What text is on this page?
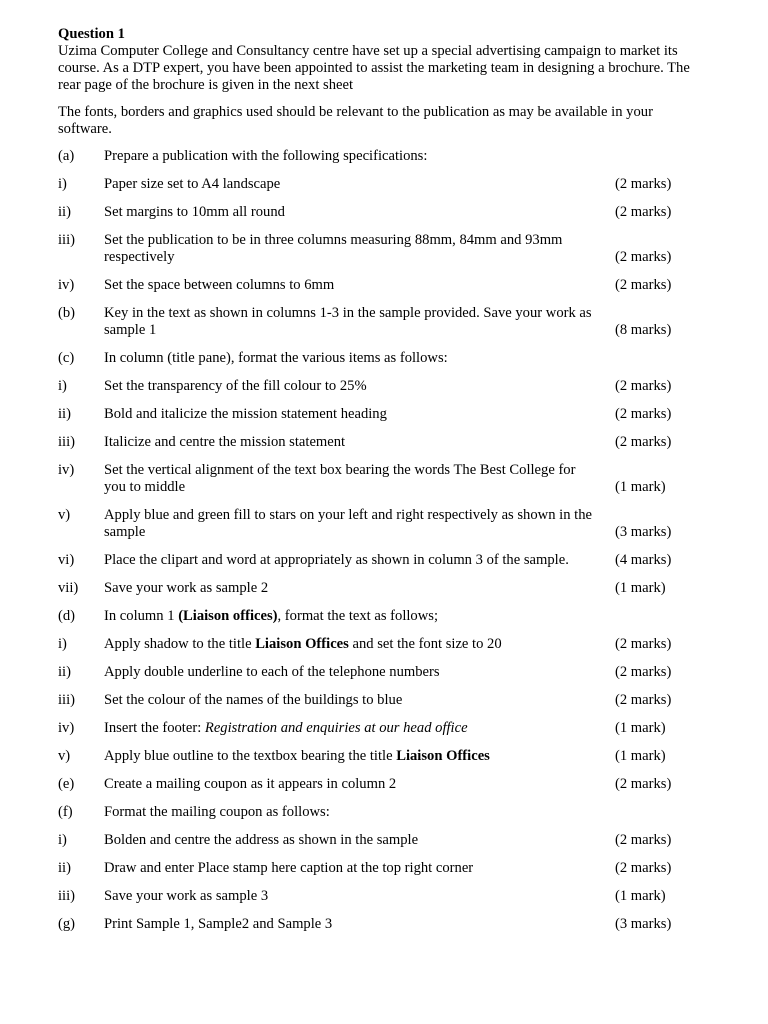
Question 1

Uzima Computer College and Consultancy centre have set up a special advertising campaign to market its course. As a DTP expert, you have been appointed to assist the marketing team in designing a brochure. The rear page of the brochure is given in the next sheet

The fonts, borders and graphics used should be relevant to the publication as may be available in your software.

(a)	Prepare a publication with the following specifications:
i)	Paper size set to A4 landscape	(2 marks)
ii)	Set margins to 10mm all round	(2 marks)
iii)	Set the publication to be in three columns measuring 88mm, 84mm and 93mm respectively	(2 marks)
iv)	Set the space between columns to 6mm	(2 marks)
(b)	Key in the text as shown in columns 1-3 in the sample provided. Save your work as sample 1	(8 marks)
(c)	In column (title pane), format the various items as follows:
i)	Set the transparency of the fill colour to 25%	(2 marks)
ii)	Bold and italicize the mission statement heading	(2 marks)
iii)	Italicize and centre the mission statement	(2 marks)
iv)	Set the vertical alignment of the text box bearing the words The Best College for you to middle	(1 mark)
v)	Apply blue and green fill to stars on your left and right respectively as shown in the sample	(3 marks)
vi)	Place the clipart and word at appropriately as shown in column 3 of the sample.	(4 marks)
vii)	Save your work as sample 2	(1 mark)
(d)	In column 1 (Liaison offices), format the text as follows;
i)	Apply shadow to the title Liaison Offices and set the font size to 20	(2 marks)
ii)	Apply double underline to each of the telephone numbers	(2 marks)
iii)	Set the colour of the names of the buildings to blue	(2 marks)
iv)	Insert the footer: Registration and enquiries at our head office	(1 mark)
v)	Apply blue outline to the textbox bearing the title Liaison Offices	(1 mark)
(e)	Create a mailing coupon as it appears in column 2	(2 marks)
(f)	Format the mailing coupon as follows:
i)	Bolden and centre the address as shown in the sample	(2 marks)
ii)	Draw and enter Place stamp here caption at the top right corner	(2 marks)
iii)	Save your work as sample 3	(1 mark)
(g)	Print Sample 1, Sample2 and Sample 3	(3 marks)
